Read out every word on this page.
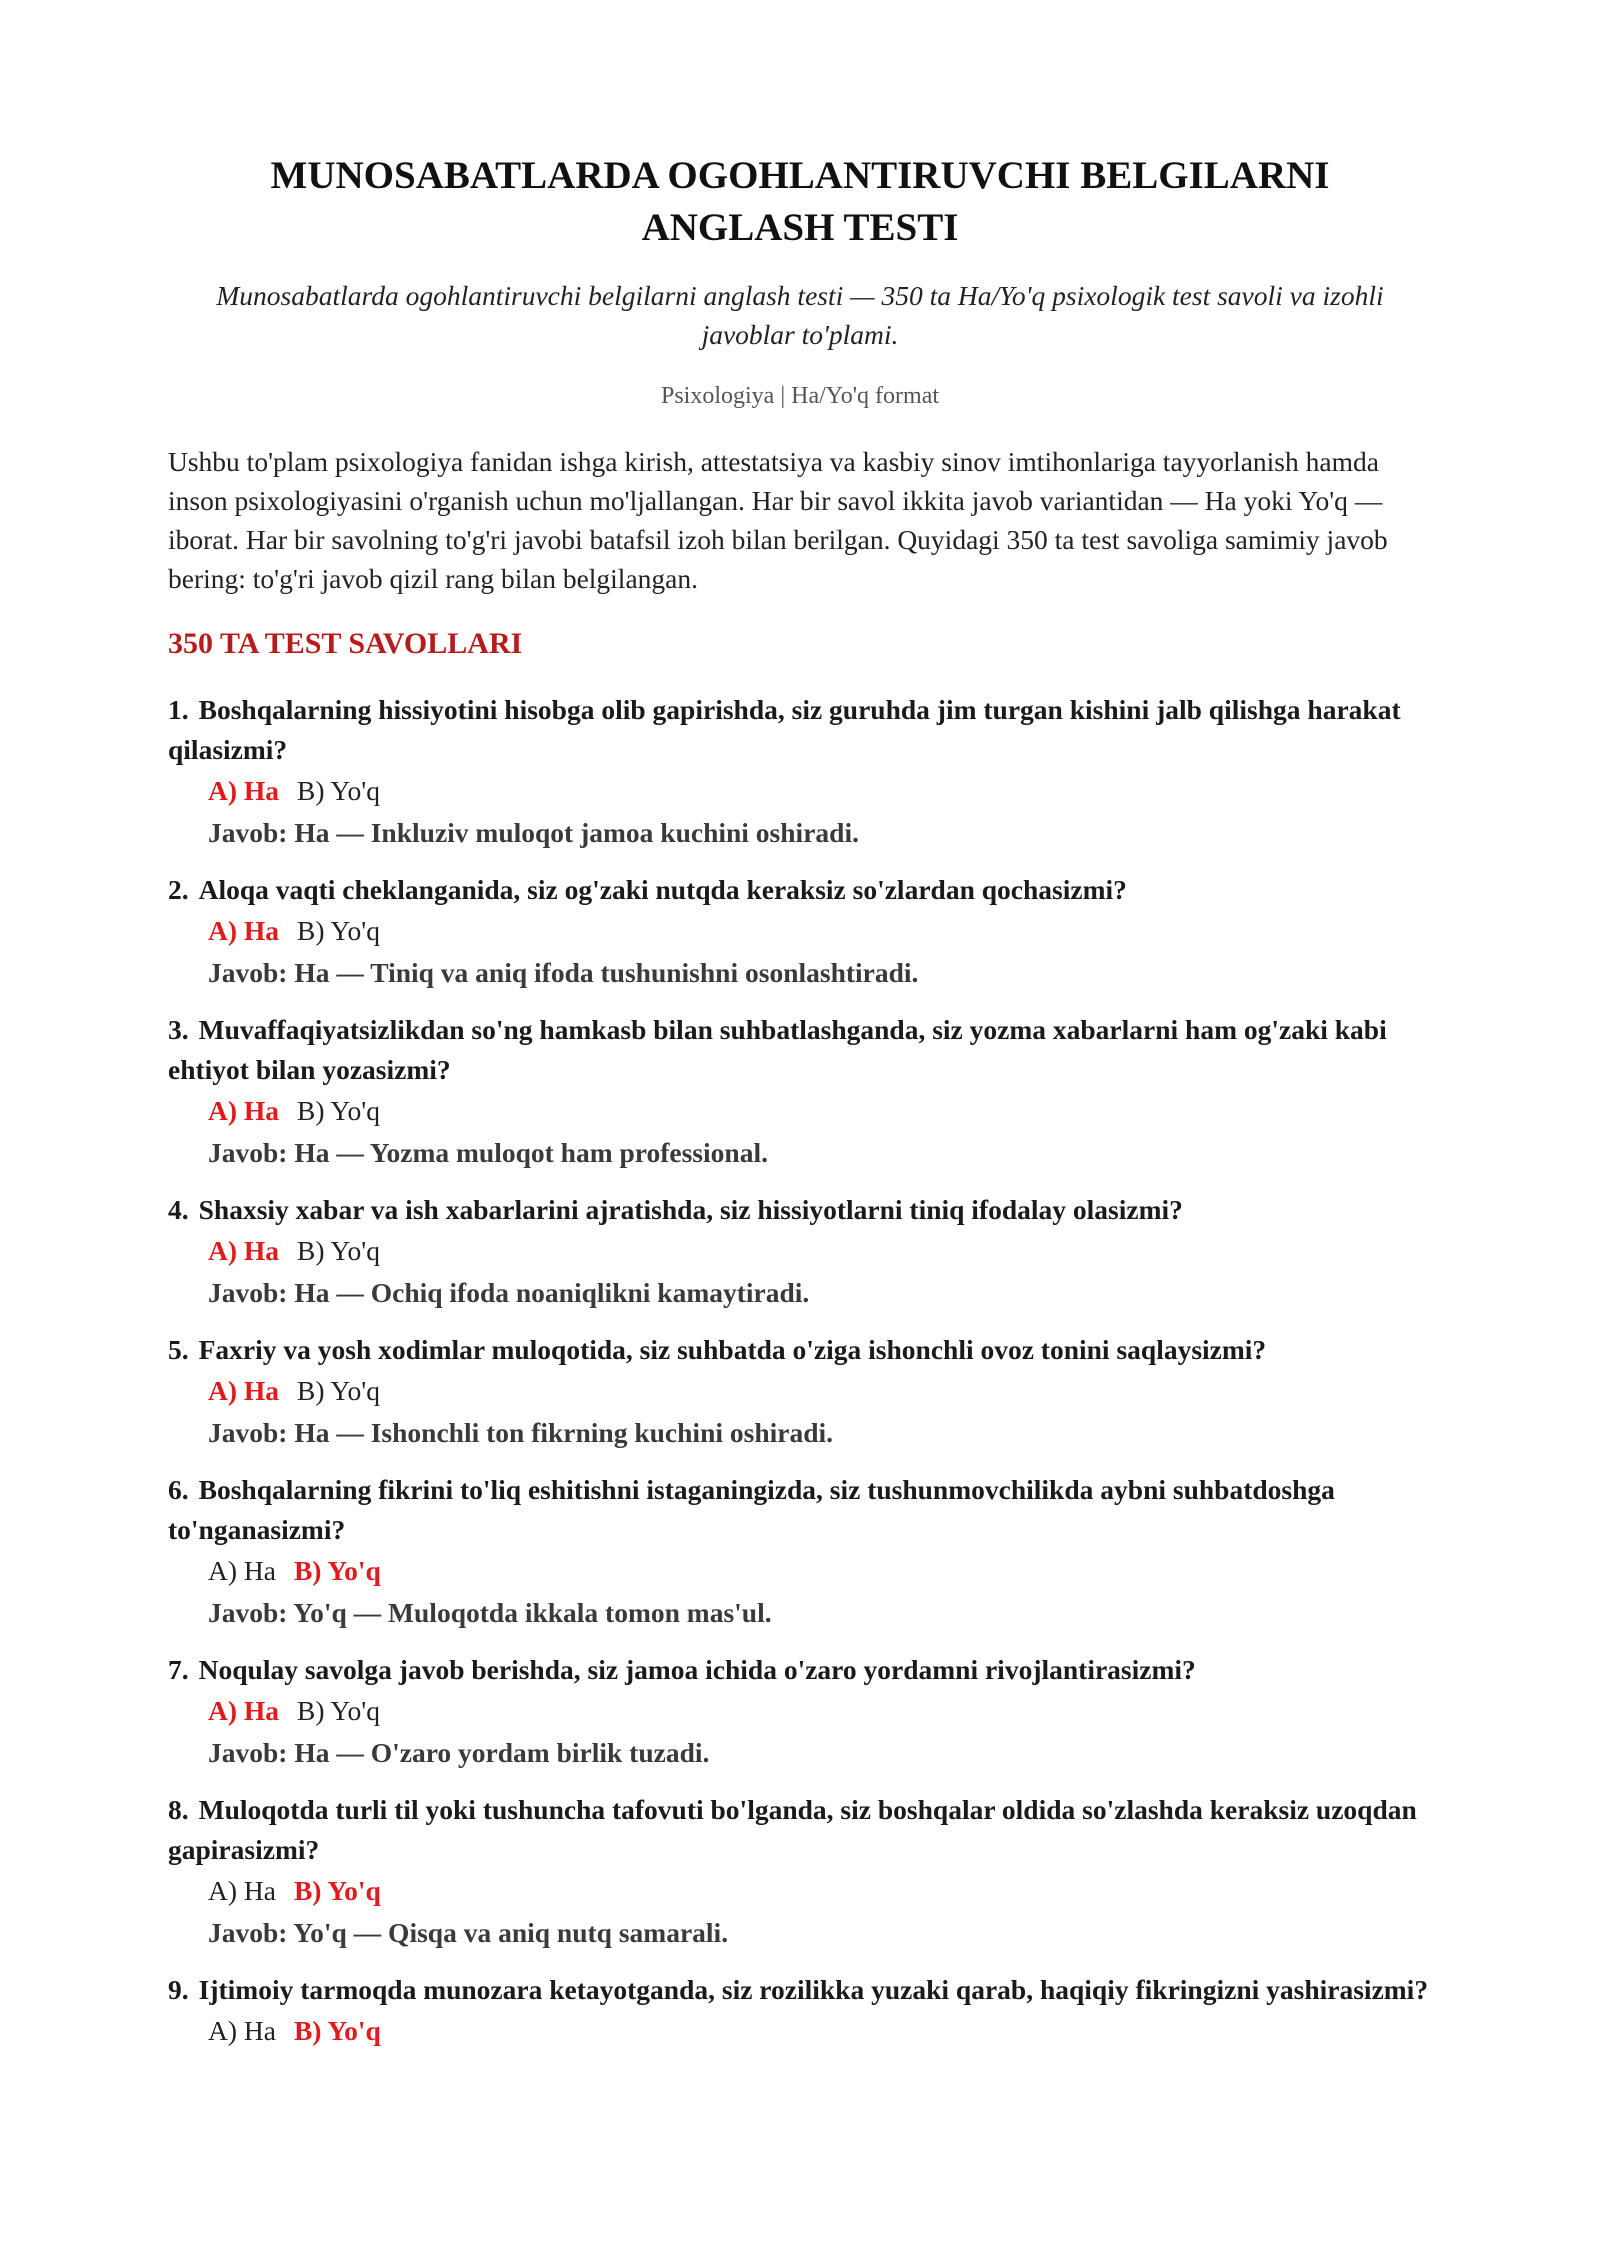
MUNOSABATLARDA OGOHLANTIRUVCHI BELGILARNI
ANGLASH TESTI

Munosabatlarda ogohlantiruvchi belgilarni anglash testi — 350 ta Ha/Yo'q psixologik test savoli va izohli javoblar to'plami.

Psixologiya | Ha/Yo'q format

Ushbu to'plam psixologiya fanidan ishga kirish, attestatsiya va kasbiy sinov imtihonlariga tayyorlanish hamda inson psixologiyasini o'rganish uchun mo'ljallangan. Har bir savol ikkita javob variantidan — Ha yoki Yo'q — iborat. Har bir savolning to'g'ri javobi batafsil izoh bilan berilgan. Quyidagi 350 ta test savoliga samimiy javob bering: to'g'ri javob qizil rang bilan belgilangan.

350 TA TEST SAVOLLARI
1. Boshqalarning hissiyotini hisobga olib gapirishda, siz guruhda jim turgan kishini jalb qilishga harakat qilasizmi?
A) Ha B) Yo'q
Javob: Ha — Inkluziv muloqot jamoa kuchini oshiradi.
2. Aloqa vaqti cheklanganida, siz og'zaki nutqda keraksiz so'zlardan qochasizmi?
A) Ha B) Yo'q
Javob: Ha — Tiniq va aniq ifoda tushunishni osonlashtiradi.
3. Muvaffaqiyatsizlikdan so'ng hamkasb bilan suhbatlashganda, siz yozma xabarlarni ham og'zaki kabi ehtiyot bilan yozasizmi?
A) Ha B) Yo'q
Javob: Ha — Yozma muloqot ham professional.
4. Shaxsiy xabar va ish xabarlarini ajratishda, siz hissiyotlarni tiniq ifodalay olasizmi?
A) Ha B) Yo'q
Javob: Ha — Ochiq ifoda noaniqlikni kamaytiradi.
5. Faxriy va yosh xodimlar muloqotida, siz suhbatda o'ziga ishonchli ovoz tonini saqlaysizmi?
A) Ha B) Yo'q
Javob: Ha — Ishonchli ton fikrning kuchini oshiradi.
6. Boshqalarning fikrini to'liq eshitishni istaganingizda, siz tushunmovchilikda aybni suhbatdoshga to'nganasizmi?
A) Ha B) Yo'q
Javob: Yo'q — Muloqotda ikkala tomon mas'ul.
7. Noqulay savolga javob berishda, siz jamoa ichida o'zaro yordamni rivojlantirasizmi?
A) Ha B) Yo'q
Javob: Ha — O'zaro yordam birlik tuzadi.
8. Muloqotda turli til yoki tushuncha tafovuti bo'lganda, siz boshqalar oldida so'zlashda keraksiz uzoqdan gapirasizmi?
A) Ha B) Yo'q
Javob: Yo'q — Qisqa va aniq nutq samarali.
9. Ijtimoiy tarmoqda munozara ketayotganda, siz rozilikka yuzaki qarab, haqiqiy fikringizni yashirasizmi?
A) Ha B) Yo'q
